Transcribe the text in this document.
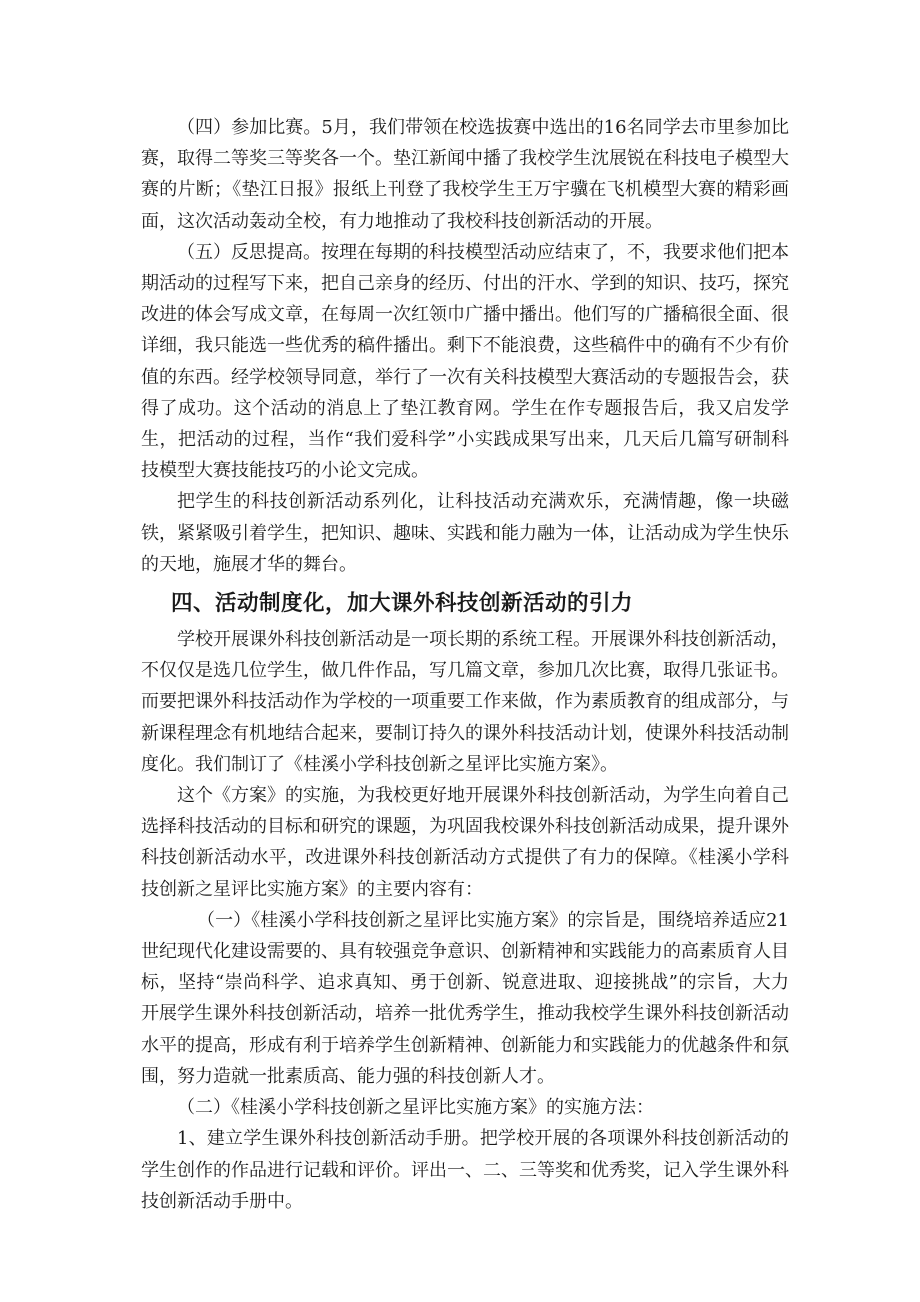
（四）参加比赛。5月，我们带领在校选拔赛中选出的16名同学去市里参加比赛，取得二等奖三等奖各一个。垫江新闻中播了我校学生沈展锐在科技电子模型大赛的片断；《垫江日报》报纸上刊登了我校学生王万宇骥在飞机模型大赛的精彩画面，这次活动轰动全校，有力地推动了我校科技创新活动的开展。

（五）反思提高。按理在每期的科技模型活动应结束了，不，我要求他们把本期活动的过程写下来，把自己亲身的经历、付出的汗水、学到的知识、技巧，探究改进的体会写成文章，在每周一次红领巾广播中播出。他们写的广播稿很全面、很详细，我只能选一些优秀的稿件播出。剩下不能浪费，这些稿件中的确有不少有价值的东西。经学校领导同意，举行了一次有关科技模型大赛活动的专题报告会，获得了成功。这个活动的消息上了垫江教育网。学生在作专题报告后，我又启发学生，把活动的过程，当作“我们爱科学”小实践成果写出来，几天后几篇写研制科技模型大赛技能技巧的小论文完成。

把学生的科技创新活动系列化，让科技活动充满欢乐，充满情趣，像一块磁铁，紧紧吸引着学生，把知识、趣味、实践和能力融为一体，让活动成为学生快乐的天地，施展才华的舞台。

四、活动制度化，加大课外科技创新活动的引力

学校开展课外科技创新活动是一项长期的系统工程。开展课外科技创新活动，不仅仅是选几位学生，做几件作品，写几篇文章，参加几次比赛，取得几张证书。而要把课外科技活动作为学校的一项重要工作来做，作为素质教育的组成部分，与新课程理念有机地结合起来，要制订持久的课外科技活动计划，使课外科技活动制度化。我们制订了《桂溪小学科技创新之星评比实施方案》。

这个《方案》的实施，为我校更好地开展课外科技创新活动，为学生向着自己选择科技活动的目标和研究的课题，为巩固我校课外科技创新活动成果，提升课外科技创新活动水平，改进课外科技创新活动方式提供了有力的保障。《桂溪小学科技创新之星评比实施方案》的主要内容有：

（一）《桂溪小学科技创新之星评比实施方案》的宗旨是，围绕培养适应21世纪现代化建设需要的、具有较强竞争意识、创新精神和实践能力的高素质育人目标，坚持“崇尚科学、追求真知、勇于创新、锐意进取、迎接挑战”的宗旨，大力开展学生课外科技创新活动，培养一批优秀学生，推动我校学生课外科技创新活动水平的提高，形成有利于培养学生创新精神、创新能力和实践能力的优越条件和氛围，努力造就一批素质高、能力强的科技创新人才。

（二）《桂溪小学科技创新之星评比实施方案》的实施方法：

1、建立学生课外科技创新活动手册。把学校开展的各项课外科技创新活动的学生创作的作品进行记载和评价。评出一、二、三等奖和优秀奖，记入学生课外科技创新活动手册中。
